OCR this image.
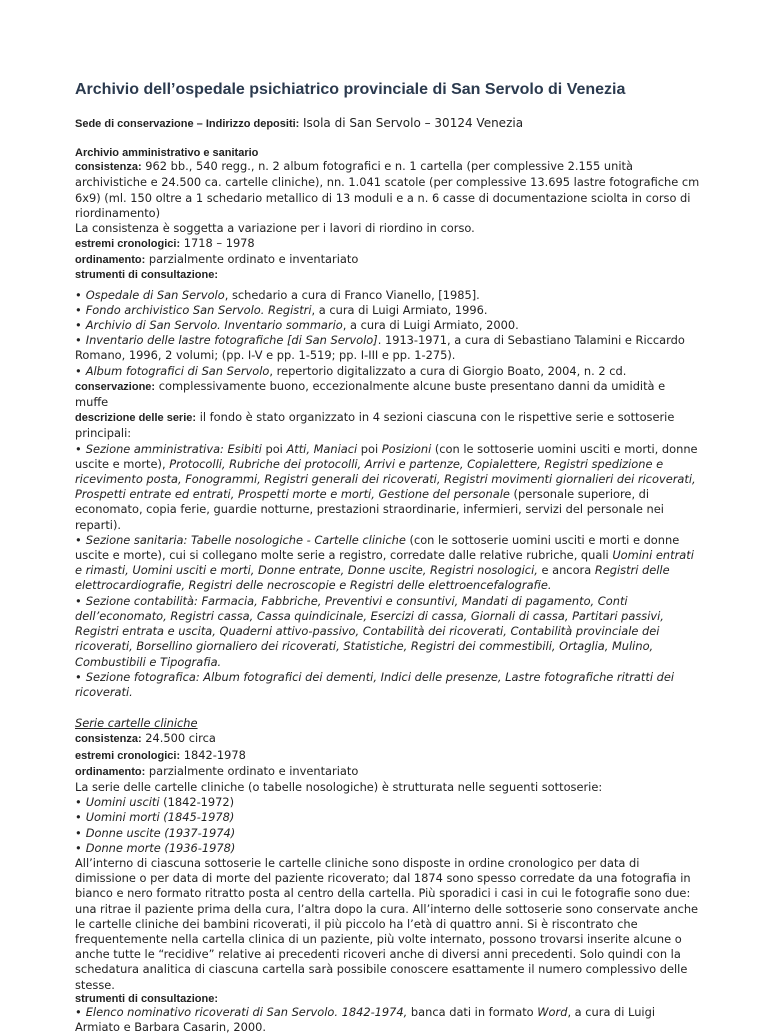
Archivio dell’ospedale psichiatrico provinciale di San Servolo di Venezia

Sede di conservazione – Indirizzo depositi: Isola di San Servolo – 30124 Venezia

Archivio amministrativo e sanitario

consistenza: 962 bb., 540 regg., n. 2 album fotografici e n. 1 cartella (per complessive 2.155 unità archivistiche e 24.500 ca. cartelle cliniche), nn. 1.041 scatole (per complessive 13.695 lastre fotografiche cm 6x9) (ml. 150 oltre a 1 schedario metallico di 13 moduli e a n. 6 casse di documentazione sciolta in corso di riordinamento)

La consistenza è soggetta a variazione per i lavori di riordino in corso.

estremi cronologici: 1718 – 1978

ordinamento: parzialmente ordinato e inventariato

strumenti di consultazione:

• Ospedale di San Servolo, schedario a cura di Franco Vianello, [1985].

• Fondo archivistico San Servolo. Registri, a cura di Luigi Armiato, 1996.

• Archivio di San Servolo. Inventario sommario, a cura di Luigi Armiato, 2000.

• Inventario delle lastre fotografiche [di San Servolo]. 1913-1971, a cura di Sebastiano Talamini e Riccardo Romano, 1996, 2 volumi; (pp. I-V e pp. 1-519; pp. I-III e pp. 1-275).

• Album fotografici di San Servolo, repertorio digitalizzato a cura di Giorgio Boato, 2004, n. 2 cd.

conservazione: complessivamente buono, eccezionalmente alcune buste presentano danni da umidità e muffe

descrizione delle serie: il fondo è stato organizzato in 4 sezioni ciascuna con le rispettive serie e sottoserie principali:

• Sezione amministrativa: Esibiti poi Atti, Maniaci poi Posizioni (con le sottoserie uomini usciti e morti, donne uscite e morte), Protocolli, Rubriche dei protocolli, Arrivi e partenze, Copialettere, Registri spedizione e ricevimento posta, Fonogrammi, Registri generali dei ricoverati, Registri movimenti giornalieri dei ricoverati, Prospetti entrate ed entrati, Prospetti morte e morti, Gestione del personale (personale superiore, di economato, copia ferie, guardie notturne, prestazioni straordinarie, infermieri, servizi del personale nei reparti).

• Sezione sanitaria: Tabelle nosologiche - Cartelle cliniche (con le sottoserie uomini usciti e morti e donne uscite e morte), cui si collegano molte serie a registro, corredate dalle relative rubriche, quali Uomini entrati e rimasti, Uomini usciti e morti, Donne entrate, Donne uscite, Registri nosologici, e ancora Registri delle elettrocardiografie, Registri delle necroscopie e Registri delle elettroencefalografie.

• Sezione contabilità: Farmacia, Fabbriche, Preventivi e consuntivi, Mandati di pagamento, Conti dell’economato, Registri cassa, Cassa quindicinale, Esercizi di cassa, Giornali di cassa, Partitari passivi, Registri entrata e uscita, Quaderni attivo-passivo, Contabilità dei ricoverati, Contabilità provinciale dei ricoverati, Borsellino giornaliero dei ricoverati, Statistiche, Registri dei commestibili, Ortaglia, Mulino, Combustibili e Tipografia.

• Sezione fotografica: Album fotografici dei dementi, Indici delle presenze, Lastre fotografiche ritratti dei ricoverati.

Serie cartelle cliniche

consistenza: 24.500 circa

estremi cronologici: 1842-1978

ordinamento: parzialmente ordinato e inventariato

La serie delle cartelle cliniche (o tabelle nosologiche) è strutturata nelle seguenti sottoserie:

• Uomini usciti (1842-1972)

• Uomini morti (1845-1978)

• Donne uscite (1937-1974)

• Donne morte (1936-1978)

All’interno di ciascuna sottoserie le cartelle cliniche sono disposte in ordine cronologico per data di dimissione o per data di morte del paziente ricoverato; dal 1874 sono spesso corredate da una fotografia in bianco e nero formato ritratto posta al centro della cartella. Più sporadici i casi in cui le fotografie sono due: una ritrae il paziente prima della cura, l’altra dopo la cura. All’interno delle sottoserie sono conservate anche le cartelle cliniche dei bambini ricoverati, il più piccolo ha l’età di quattro anni. Si è riscontrato che frequentemente nella cartella clinica di un paziente, più volte internato, possono trovarsi inserite alcune o anche tutte le “recidive” relative ai precedenti ricoveri anche di diversi anni precedenti. Solo quindi con la schedatura analitica di ciascuna cartella sarà possibile conoscere esattamente il numero complessivo delle stesse.

strumenti di consultazione:

• Elenco nominativo ricoverati di San Servolo. 1842-1974, banca dati in formato Word, a cura di Luigi Armiato e Barbara Casarin, 2000.
